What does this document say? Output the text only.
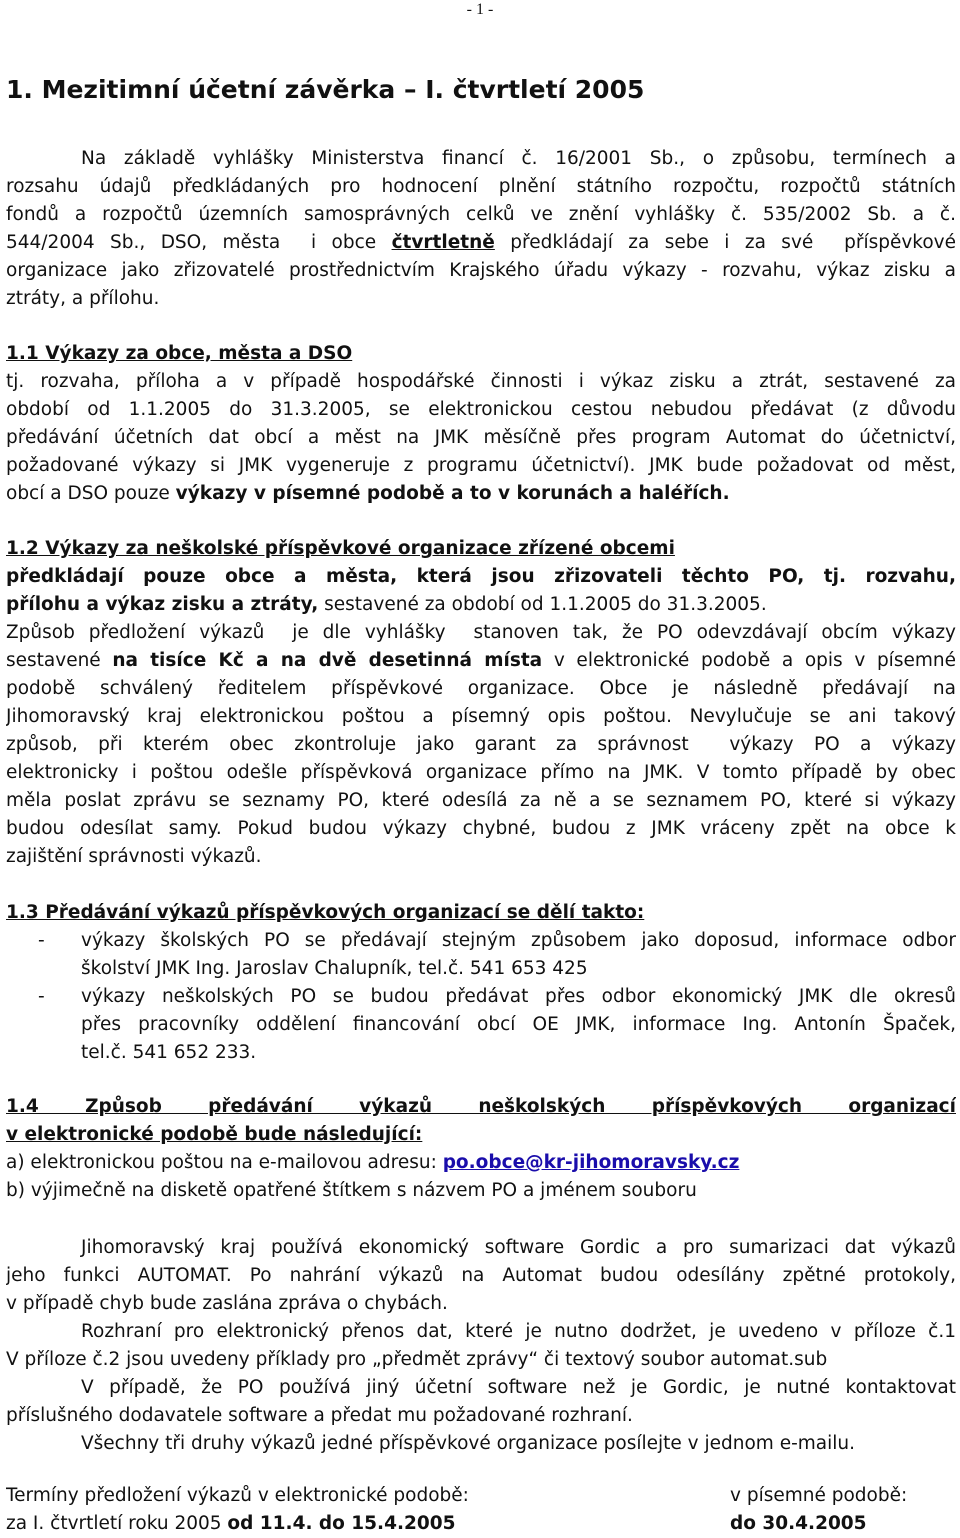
- 1 -
1. Mezitimní účetní závěrka – I. čtvrtletí 2005
Na základě vyhlášky Ministerstva financí č. 16/2001 Sb., o způsobu, termínech a
rozsahu údajů předkládaných pro hodnocení plnění státního rozpočtu, rozpočtů státních
fondů a rozpočtů územních samosprávných celků ve znění vyhlášky č. 535/2002 Sb. a č.
544/2004 Sb., DSO, města  i obce čtvrtletně předkládají za sebe i za své  příspěvkové
organizace jako zřizovatelé prostřednictvím Krajského úřadu výkazy - rozvahu, výkaz zisku a
ztráty, a přílohu.
1.1 Výkazy za obce, města a DSO
tj. rozvaha, příloha a v případě hospodářské činnosti i výkaz zisku a ztrát, sestavené za
období od 1.1.2005 do 31.3.2005, se elektronickou cestou nebudou předávat (z důvodu
předávání účetních dat obcí a měst na JMK měsíčně přes program Automat do účetnictví,
požadované výkazy si JMK vygeneruje z programu účetnictví). JMK bude požadovat od měst,
obcí a DSO pouze výkazy v písemné podobě a to v korunách a haléřích.
1.2 Výkazy za neškolské příspěvkové organizace zřízené obcemi
předkládají pouze obce a města, která jsou zřizovateli těchto PO, tj. rozvahu,
přílohu a výkaz zisku a ztráty, sestavené za období od 1.1.2005 do 31.3.2005.
Způsob předložení výkazů  je dle vyhlášky  stanoven tak, že PO odevzdávají obcím výkazy
sestavené na tisíce Kč a na dvě desetinná místa v elektronické podobě a opis v písemné
podobě schválený ředitelem příspěvkové organizace. Obce je následně předávají na
Jihomoravský kraj elektronickou poštou a písemný opis poštou. Nevylučuje se ani takový
způsob, při kterém obec zkontroluje jako garant za správnost  výkazy PO a výkazy
elektronicky i poštou odešle příspěvková organizace přímo na JMK. V tomto případě by obec
měla poslat zprávu se seznamy PO, které odesílá za ně a se seznamem PO, které si výkazy
budou odesílat samy. Pokud budou výkazy chybné, budou z JMK vráceny zpět na obce k
zajištění správnosti výkazů.
1.3 Předávání výkazů příspěvkových organizací se dělí takto:
- výkazy školských PO se předávají stejným způsobem jako doposud, informace odbor
školství JMK Ing. Jaroslav Chalupník, tel.č. 541 653 425
- výkazy neškolských PO se budou předávat přes odbor ekonomický JMK dle okresů
přes pracovníky oddělení financování obcí OE JMK, informace Ing. Antonín Špaček,
tel.č. 541 652 233.
1.4 Způsob předávání výkazů neškolských příspěvkových organizací
v elektronické podobě bude následující:
a) elektronickou poštou na e-mailovou adresu: po.obce@kr-jihomoravsky.cz
b) výjimečně na disketě opatřené štítkem s názvem PO a jménem souboru
Jihomoravský kraj používá ekonomický software Gordic a pro sumarizaci dat výkazů
jeho funkci AUTOMAT. Po nahrání výkazů na Automat budou odesílány zpětné protokoly,
v případě chyb bude zaslána zpráva o chybách.
Rozhraní pro elektronický přenos dat, které je nutno dodržet, je uvedeno v příloze č.1
V příloze č.2 jsou uvedeny příklady pro „předmět zprávy“ či textový soubor automat.sub
V případě, že PO používá jiný účetní software než je Gordic, je nutné kontaktovat
příslušného dodavatele software a předat mu požadované rozhraní.
Všechny tři druhy výkazů jedné příspěvkové organizace posílejte v jednom e-mailu.
Termíny předložení výkazů v elektronické podobě:	v písemné podobě:
za I. čtvrtletí roku 2005 od 11.4. do 15.4.2005	do 30.4.2005
